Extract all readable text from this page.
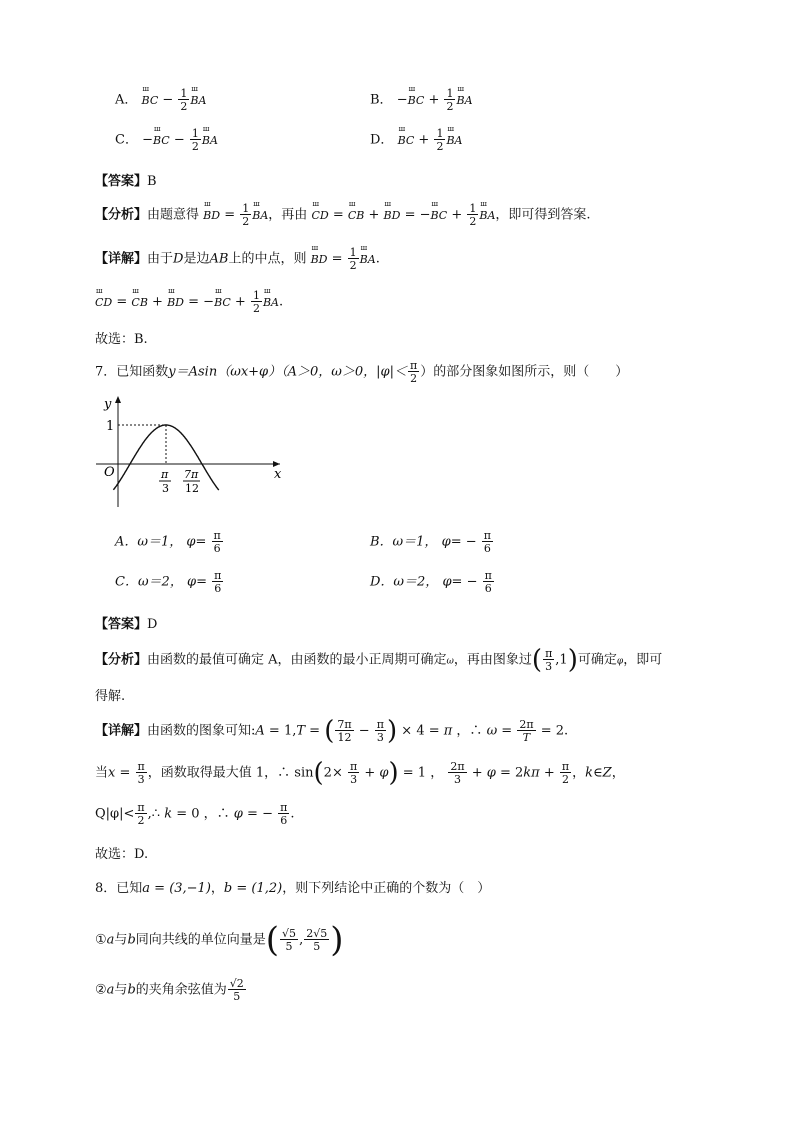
A． ш BC − $\frac{1}{2}$ ш BA	B． −ш BC + $\frac{1}{2}$ ш BA
C． −ш BC − $\frac{1}{2}$ ш BA	D． ш BC + $\frac{1}{2}$ ш BA
【答案】B
【分析】由题意得 ш BD = $\frac{1}{2}$ ш BA，再由 ш CD = ш CB + ш BD = −ш BC + $\frac{1}{2}$ ш BA，即可得到答案.
【详解】由于D是边AB上的中点，则 ш BD = $\frac{1}{2}$ ш BA.
ш CD = ш CB + ш BD = −ш BC + $\frac{1}{2}$ ш BA.
故选：B.
7．已知函数y＝Asin（ωx+φ）（A＞0，ω＞0，$|\varphi|< \frac{\pi}{2}$ ）的部分图象如图所示，则（　　）
y
x
O
1
π
3
7π
12
A．ω＝1， $\varphi= \frac{\pi}{6}$	B．ω＝1， $\varphi= - \frac{\pi}{6}$
C．ω＝2， $\varphi= \frac{\pi}{6}$	D．ω＝2， $\varphi= - \frac{\pi}{6}$
【答案】D
【分析】由函数的最值可确定 A，由函数的最小正周期可确定ω，再由图象过( $\frac{\pi}{3} ,1$)可确定φ，即可
得解.
【详解】由函数的图象可知:A = 1,T = ( $\frac{7\pi}{12} - \frac{\pi}{3}$ ) × 4 = π ，∴ $\omega = \frac{2\pi}{T} = 2$.
当$x = \frac{\pi}{3}$ ，函数取得最大值 1，∴ $\sin(2\times \frac{\pi}{3} + \varphi) = 1$ ， $\frac{2\pi}{3} + \varphi = 2k\pi + \frac{\pi}{2}$ ，k∈Z，
$Q|\varphi|< \frac{\pi}{2}$ ,∴ k = 0 ，∴ φ = − $\frac{\pi}{6}$ .
故选：D.
8．已知a = (3,−1)，b = (1,2)，则下列结论中正确的个数为（　）
①a与b同向共线的单位向量是( $\frac{√5}{5}$ , $\frac{2√5}{5}$ )
②a与b的夹角余弦值为 $\frac{√2}{5}$
